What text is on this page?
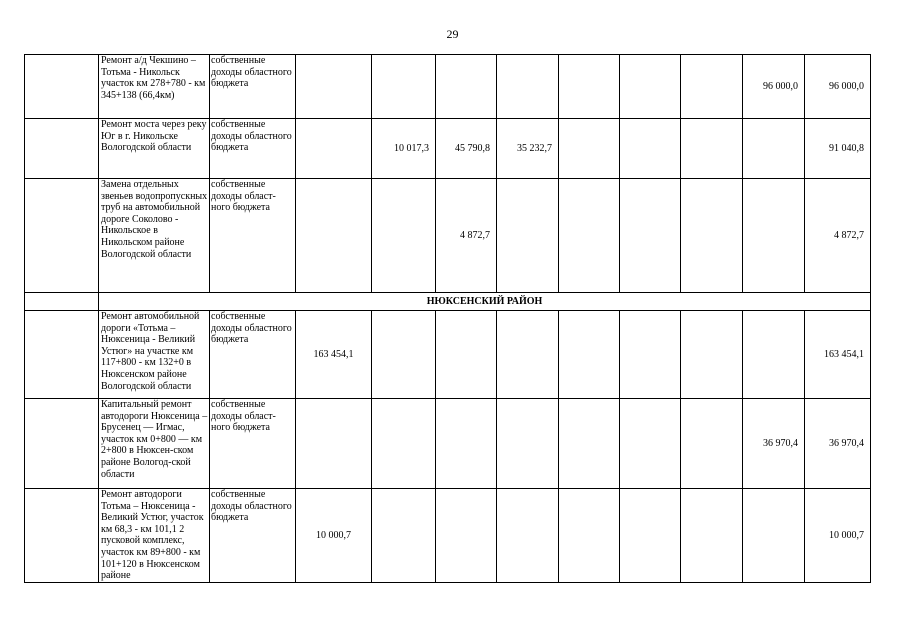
29
	Ремонт а/д Чекшино – Тотьма - Никольск участок км 278+780 - км 345+138 (66,4км)	собственные доходы областного бюджета								96 000,0	96 000,0
	Ремонт моста через реку Юг в г. Никольске Вологодской области	собственные доходы областного бюджета		10 017,3	45 790,8	35 232,7					91 040,8
	Замена отдельных звеньев водопропускных труб на автомобильной дороге Соколово - Никольское в Никольском районе Вологодской области	собственные доходы област-ного бюджета			4 872,7						4 872,7
	НЮКСЕНСКИЙ РАЙОН										
	Ремонт автомобильной дороги «Тотьма – Нюксеница - Великий Устюг» на участке км 117+800 - км 132+0 в Нюксенском районе Вологодской области	собственные доходы областного бюджета	163 454,1								163 454,1
	Капитальный ремонт автодороги Нюксеница – Брусенец — Игмас, участок км 0+800 — км 2+800 в Нюксен-ском районе Вологод-ской области	собственные доходы област-ного бюджета								36 970,4	36 970,4
	Ремонт автодороги Тотьма – Нюксеница - Великий Устюг, участок км 68,3 - км 101,1 2 пусковой комплекс, участок км 89+800 - км 101+120 в Нюксенском районе	собственные доходы областного бюджета	10 000,7								10 000,7
